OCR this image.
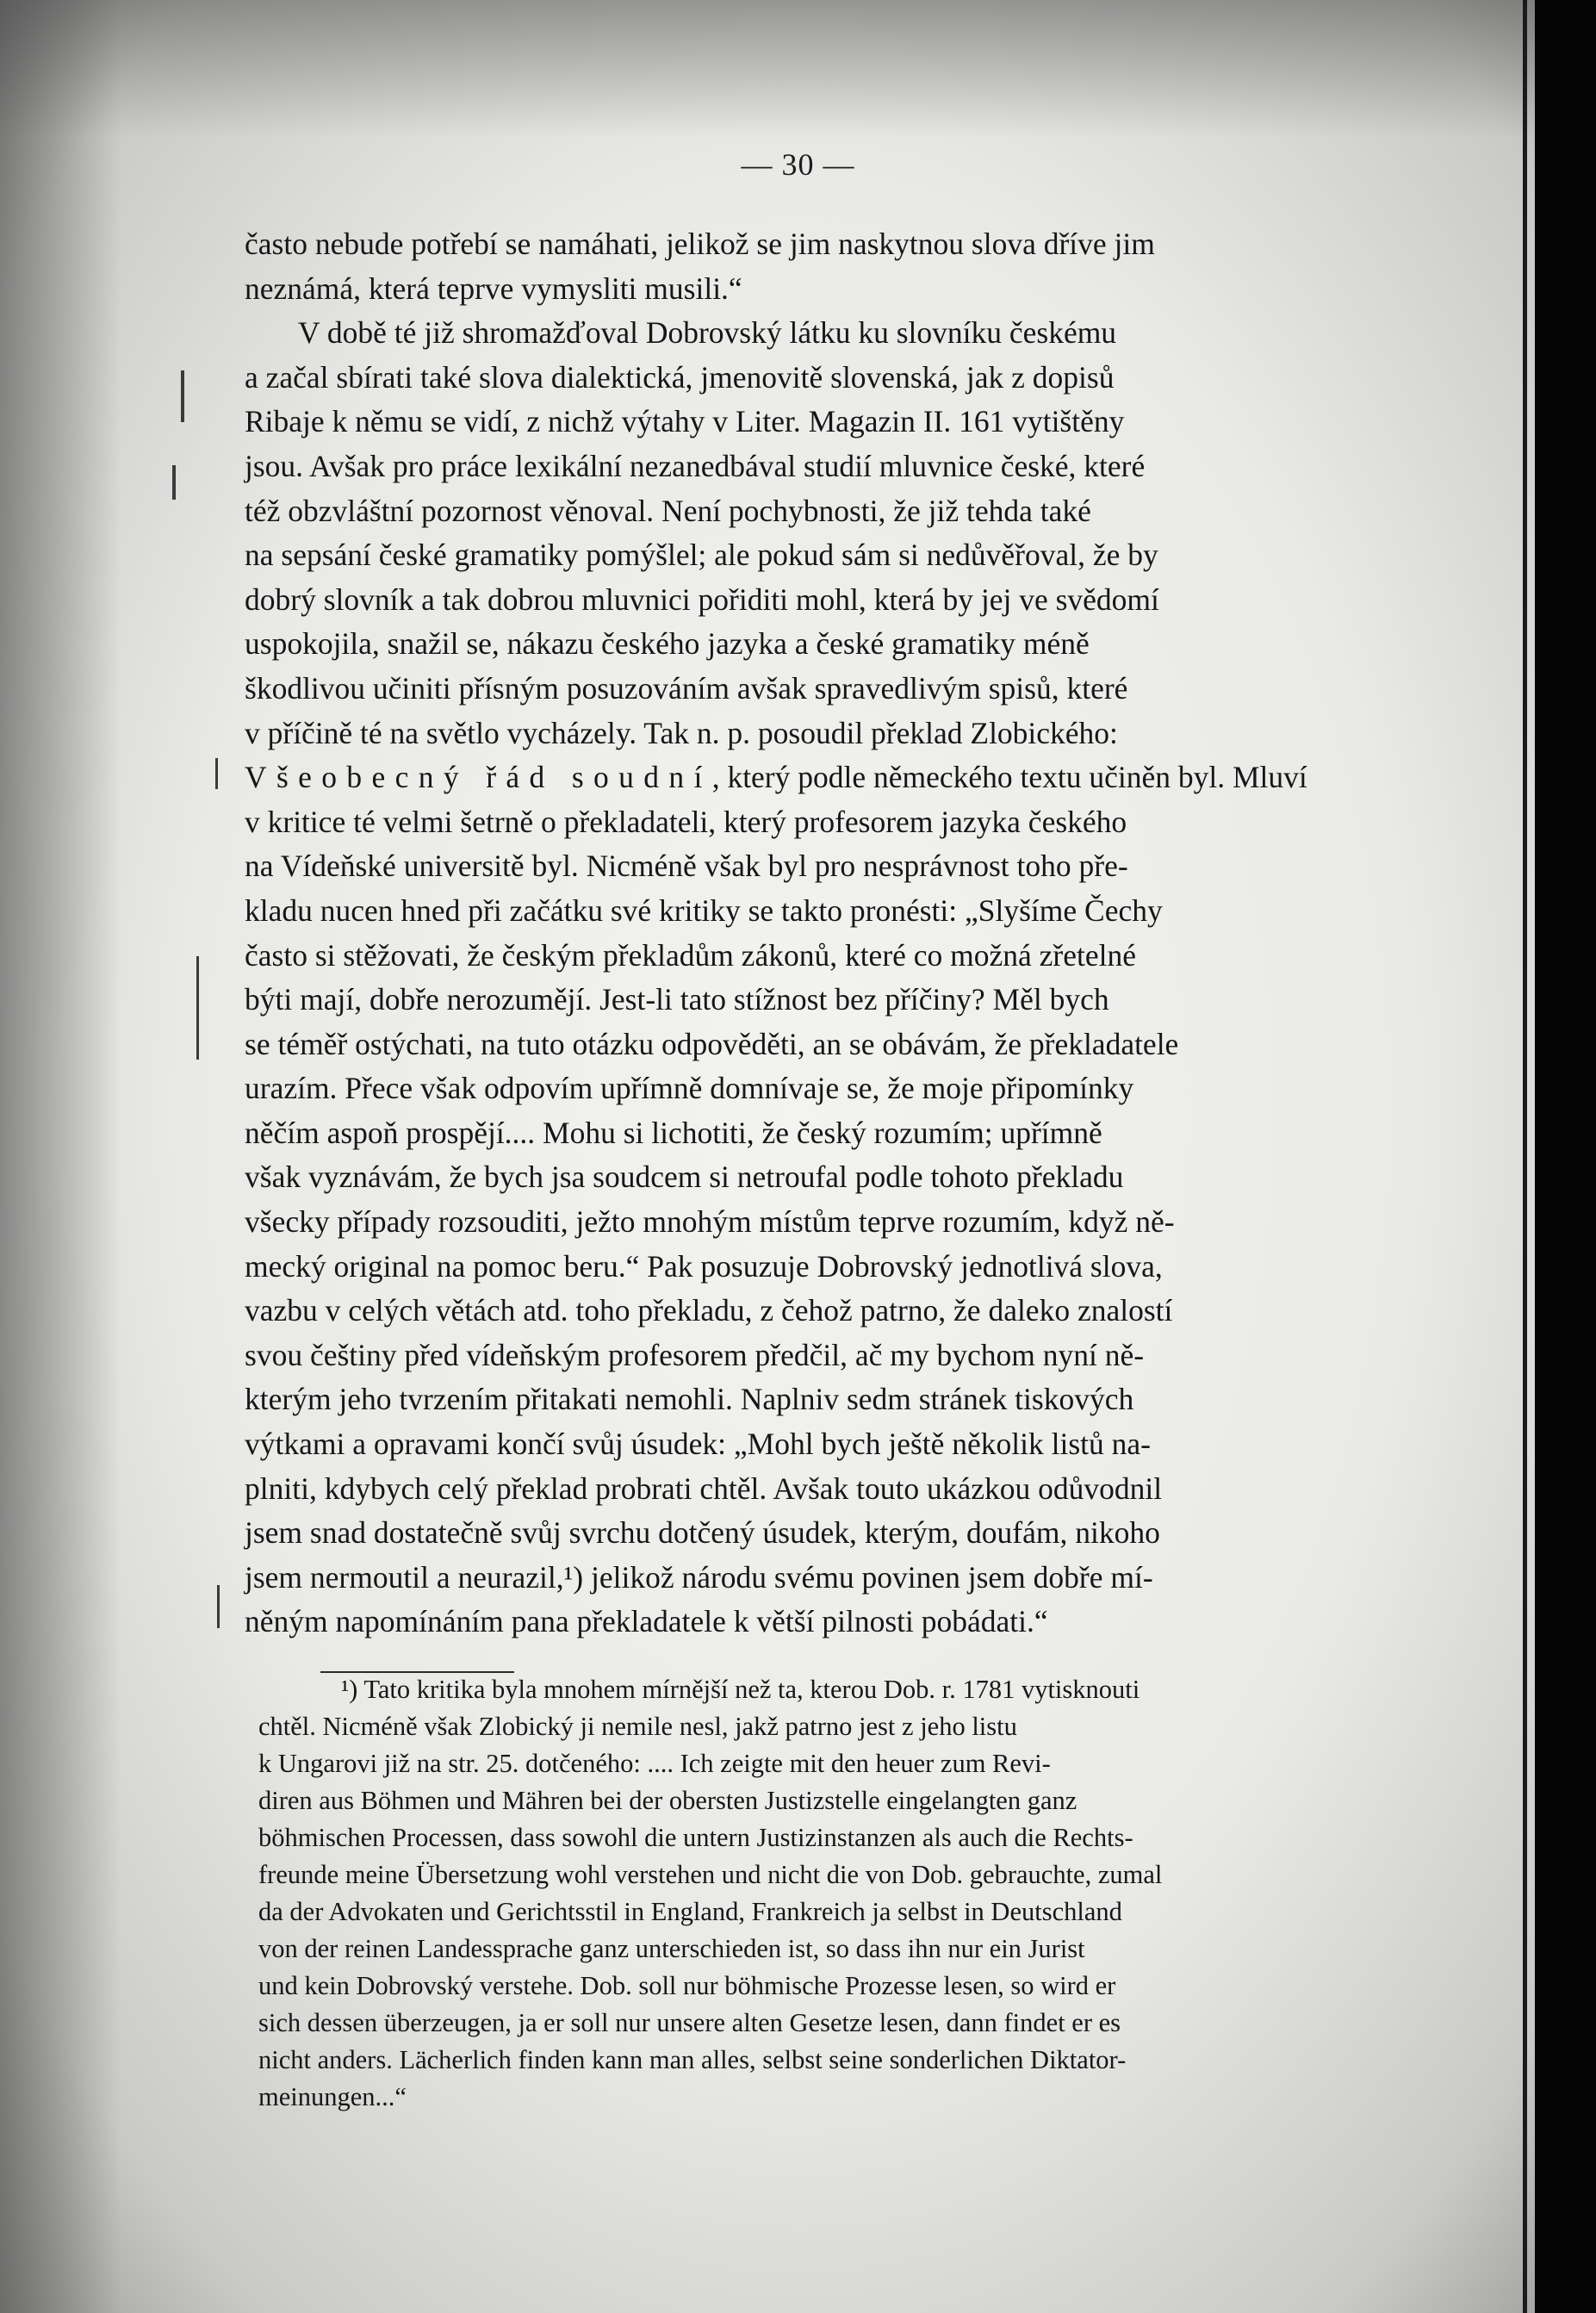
— 30 —
často nebude potřebí se namáhati, jelikož se jim naskytnou slova dříve jim
neznámá, která teprve vymysliti musili.“
V době té již shromažďoval Dobrovský látku ku slovníku českému
a začal sbírati také slova dialektická, jmenovitě slovenská, jak z dopisů
Ribaje k němu se vidí, z nichž výtahy v Liter. Magazin II. 161 vytištěny
jsou. Avšak pro práce lexikální nezanedbával studií mluvnice české, které
též obzvláštní pozornost věnoval. Není pochybnosti, že již tehda také
na sepsání české gramatiky pomýšlel; ale pokud sám si nedůvěřoval, že by
dobrý slovník a tak dobrou mluvnici pořiditi mohl, která by jej ve svědomí
uspokojila, snažil se, nákazu českého jazyka a české gramatiky méně
škodlivou učiniti přísným posuzováním avšak spravedlivým spisů, které
v příčině té na světlo vycházely. Tak n. p. posoudil překlad Zlobického:
Všeobecný řád soudní, který podle německého textu učiněn byl. Mluví
v kritice té velmi šetrně o překladateli, který profesorem jazyka českého
na Vídeňské universitě byl. Nicméně však byl pro nesprávnost toho pře-
kladu nucen hned při začátku své kritiky se takto pronésti: „Slyšíme Čechy
často si stěžovati, že českým překladům zákonů, které co možná zřetelné
býti mají, dobře nerozumějí. Jest-li tato stížnost bez příčiny? Měl bych
se téměř ostýchati, na tuto otázku odpověděti, an se obávám, že překladatele
urazím. Přece však odpovím upřímně domnívaje se, že moje připomínky
něčím aspoň prospějí.... Mohu si lichotiti, že český rozumím; upřímně
však vyznávám, že bych jsa soudcem si netroufal podle tohoto překladu
všecky případy rozsouditi, ježto mnohým místům teprve rozumím, když ně-
mecký original na pomoc beru.“ Pak posuzuje Dobrovský jednotlivá slova,
vazbu v celých větách atd. toho překladu, z čehož patrno, že daleko znalostí
svou češtiny před vídeňským profesorem předčil, ač my bychom nyní ně-
kterým jeho tvrzením přitakati nemohli. Naplniv sedm stránek tiskových
výtkami a opravami končí svůj úsudek: „Mohl bych ještě několik listů na-
plniti, kdybych celý překlad probrati chtěl. Avšak touto ukázkou odůvodnil
jsem snad dostatečně svůj svrchu dotčený úsudek, kterým, doufám, nikoho
jsem nermoutil a neurazil,¹) jelikož národu svému povinen jsem dobře mí-
něným napomínáním pana překladatele k větší pilnosti pobádati.“
¹) Tato kritika byla mnohem mírnější než ta, kterou Dob. r. 1781 vytisknouti
chtěl. Nicméně však Zlobický ji nemile nesl, jakž patrno jest z jeho listu
k Ungarovi již na str. 25. dotčeného: .... Ich zeigte mit den heuer zum Revi-
diren aus Böhmen und Mähren bei der obersten Justizstelle eingelangten ganz
böhmischen Processen, dass sowohl die untern Justizinstanzen als auch die Rechts-
freunde meine Übersetzung wohl verstehen und nicht die von Dob. gebrauchte, zumal
da der Advokaten und Gerichtsstil in England, Frankreich ja selbst in Deutschland
von der reinen Landessprache ganz unterschieden ist, so dass ihn nur ein Jurist
und kein Dobrovský verstehe. Dob. soll nur böhmische Prozesse lesen, so wird er
sich dessen überzeugen, ja er soll nur unsere alten Gesetze lesen, dann findet er es
nicht anders. Lächerlich finden kann man alles, selbst seine sonderlichen Diktator-
meinungen...“
